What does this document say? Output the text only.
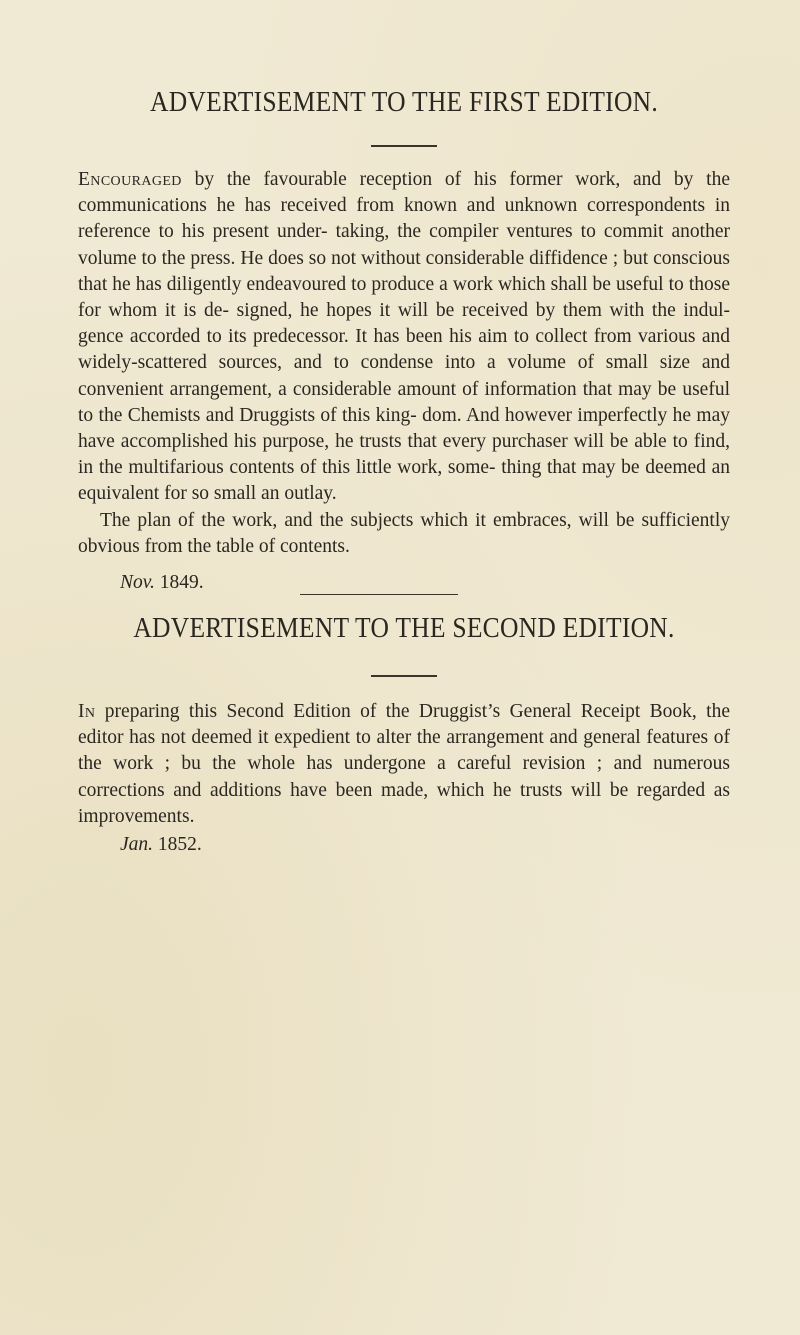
ADVERTISEMENT TO THE FIRST EDITION.

Encouraged by the favourable reception of his former work, and by the communications he has received from known and unknown correspondents in reference to his present under- taking, the compiler ventures to commit another volume to the press. He does so not without considerable diffidence ; but conscious that he has diligently endeavoured to produce a work which shall be useful to those for whom it is de- signed, he hopes it will be received by them with the indul- gence accorded to its predecessor. It has been his aim to collect from various and widely-scattered sources, and to condense into a volume of small size and convenient arrangement, a considerable amount of information that may be useful to the Chemists and Druggists of this king- dom. And however imperfectly he may have accomplished his purpose, he trusts that every purchaser will be able to find, in the multifarious contents of this little work, some- thing that may be deemed an equivalent for so small an outlay.

The plan of the work, and the subjects which it embraces, will be sufficiently obvious from the table of contents.

Nov. 1849.

ADVERTISEMENT TO THE SECOND EDITION.

In preparing this Second Edition of the Druggist’s General Receipt Book, the editor has not deemed it expedient to alter the arrangement and general features of the work ; bu the whole has undergone a careful revision ; and numerous corrections and additions have been made, which he trusts will be regarded as improvements.

Jan. 1852.
